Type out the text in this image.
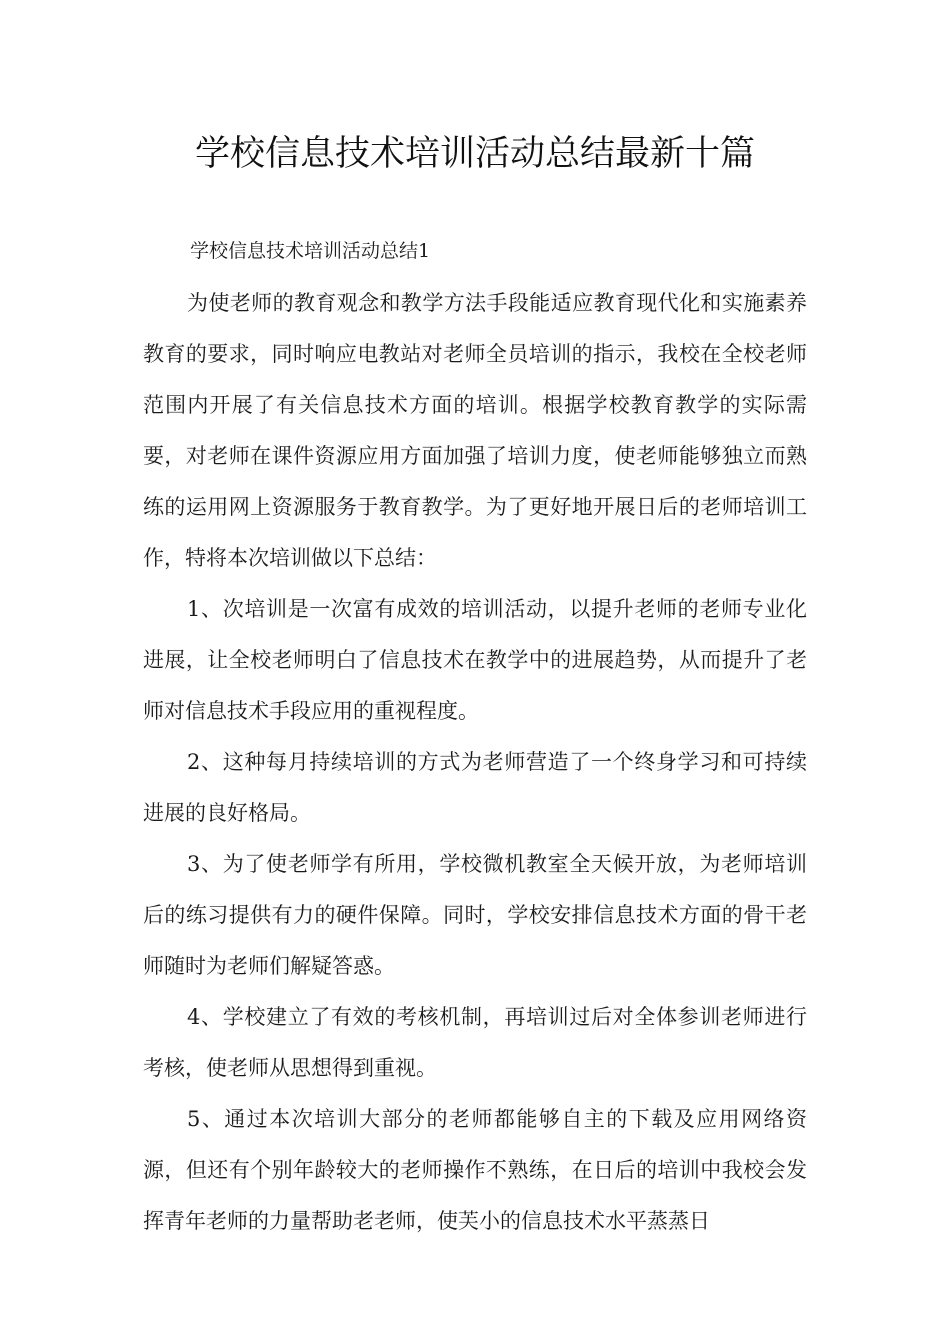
学校信息技术培训活动总结最新十篇
学校信息技术培训活动总结1

为使老师的教育观念和教学方法手段能适应教育现代化和实施素养教育的要求，同时响应电教站对老师全员培训的指示，我校在全校老师范围内开展了有关信息技术方面的培训。根据学校教育教学的实际需要，对老师在课件资源应用方面加强了培训力度，使老师能够独立而熟练的运用网上资源服务于教育教学。为了更好地开展日后的老师培训工作，特将本次培训做以下总结：

1、次培训是一次富有成效的培训活动，以提升老师的老师专业化进展，让全校老师明白了信息技术在教学中的进展趋势，从而提升了老师对信息技术手段应用的重视程度。

2、这种每月持续培训的方式为老师营造了一个终身学习和可持续进展的良好格局。

3、为了使老师学有所用，学校微机教室全天候开放，为老师培训后的练习提供有力的硬件保障。同时，学校安排信息技术方面的骨干老师随时为老师们解疑答惑。

4、学校建立了有效的考核机制，再培训过后对全体参训老师进行考核，使老师从思想得到重视。

5、通过本次培训大部分的老师都能够自主的下载及应用网络资源，但还有个别年龄较大的老师操作不熟练，在日后的培训中我校会发挥青年老师的力量帮助老老师，使芙小的信息技术水平蒸蒸日
